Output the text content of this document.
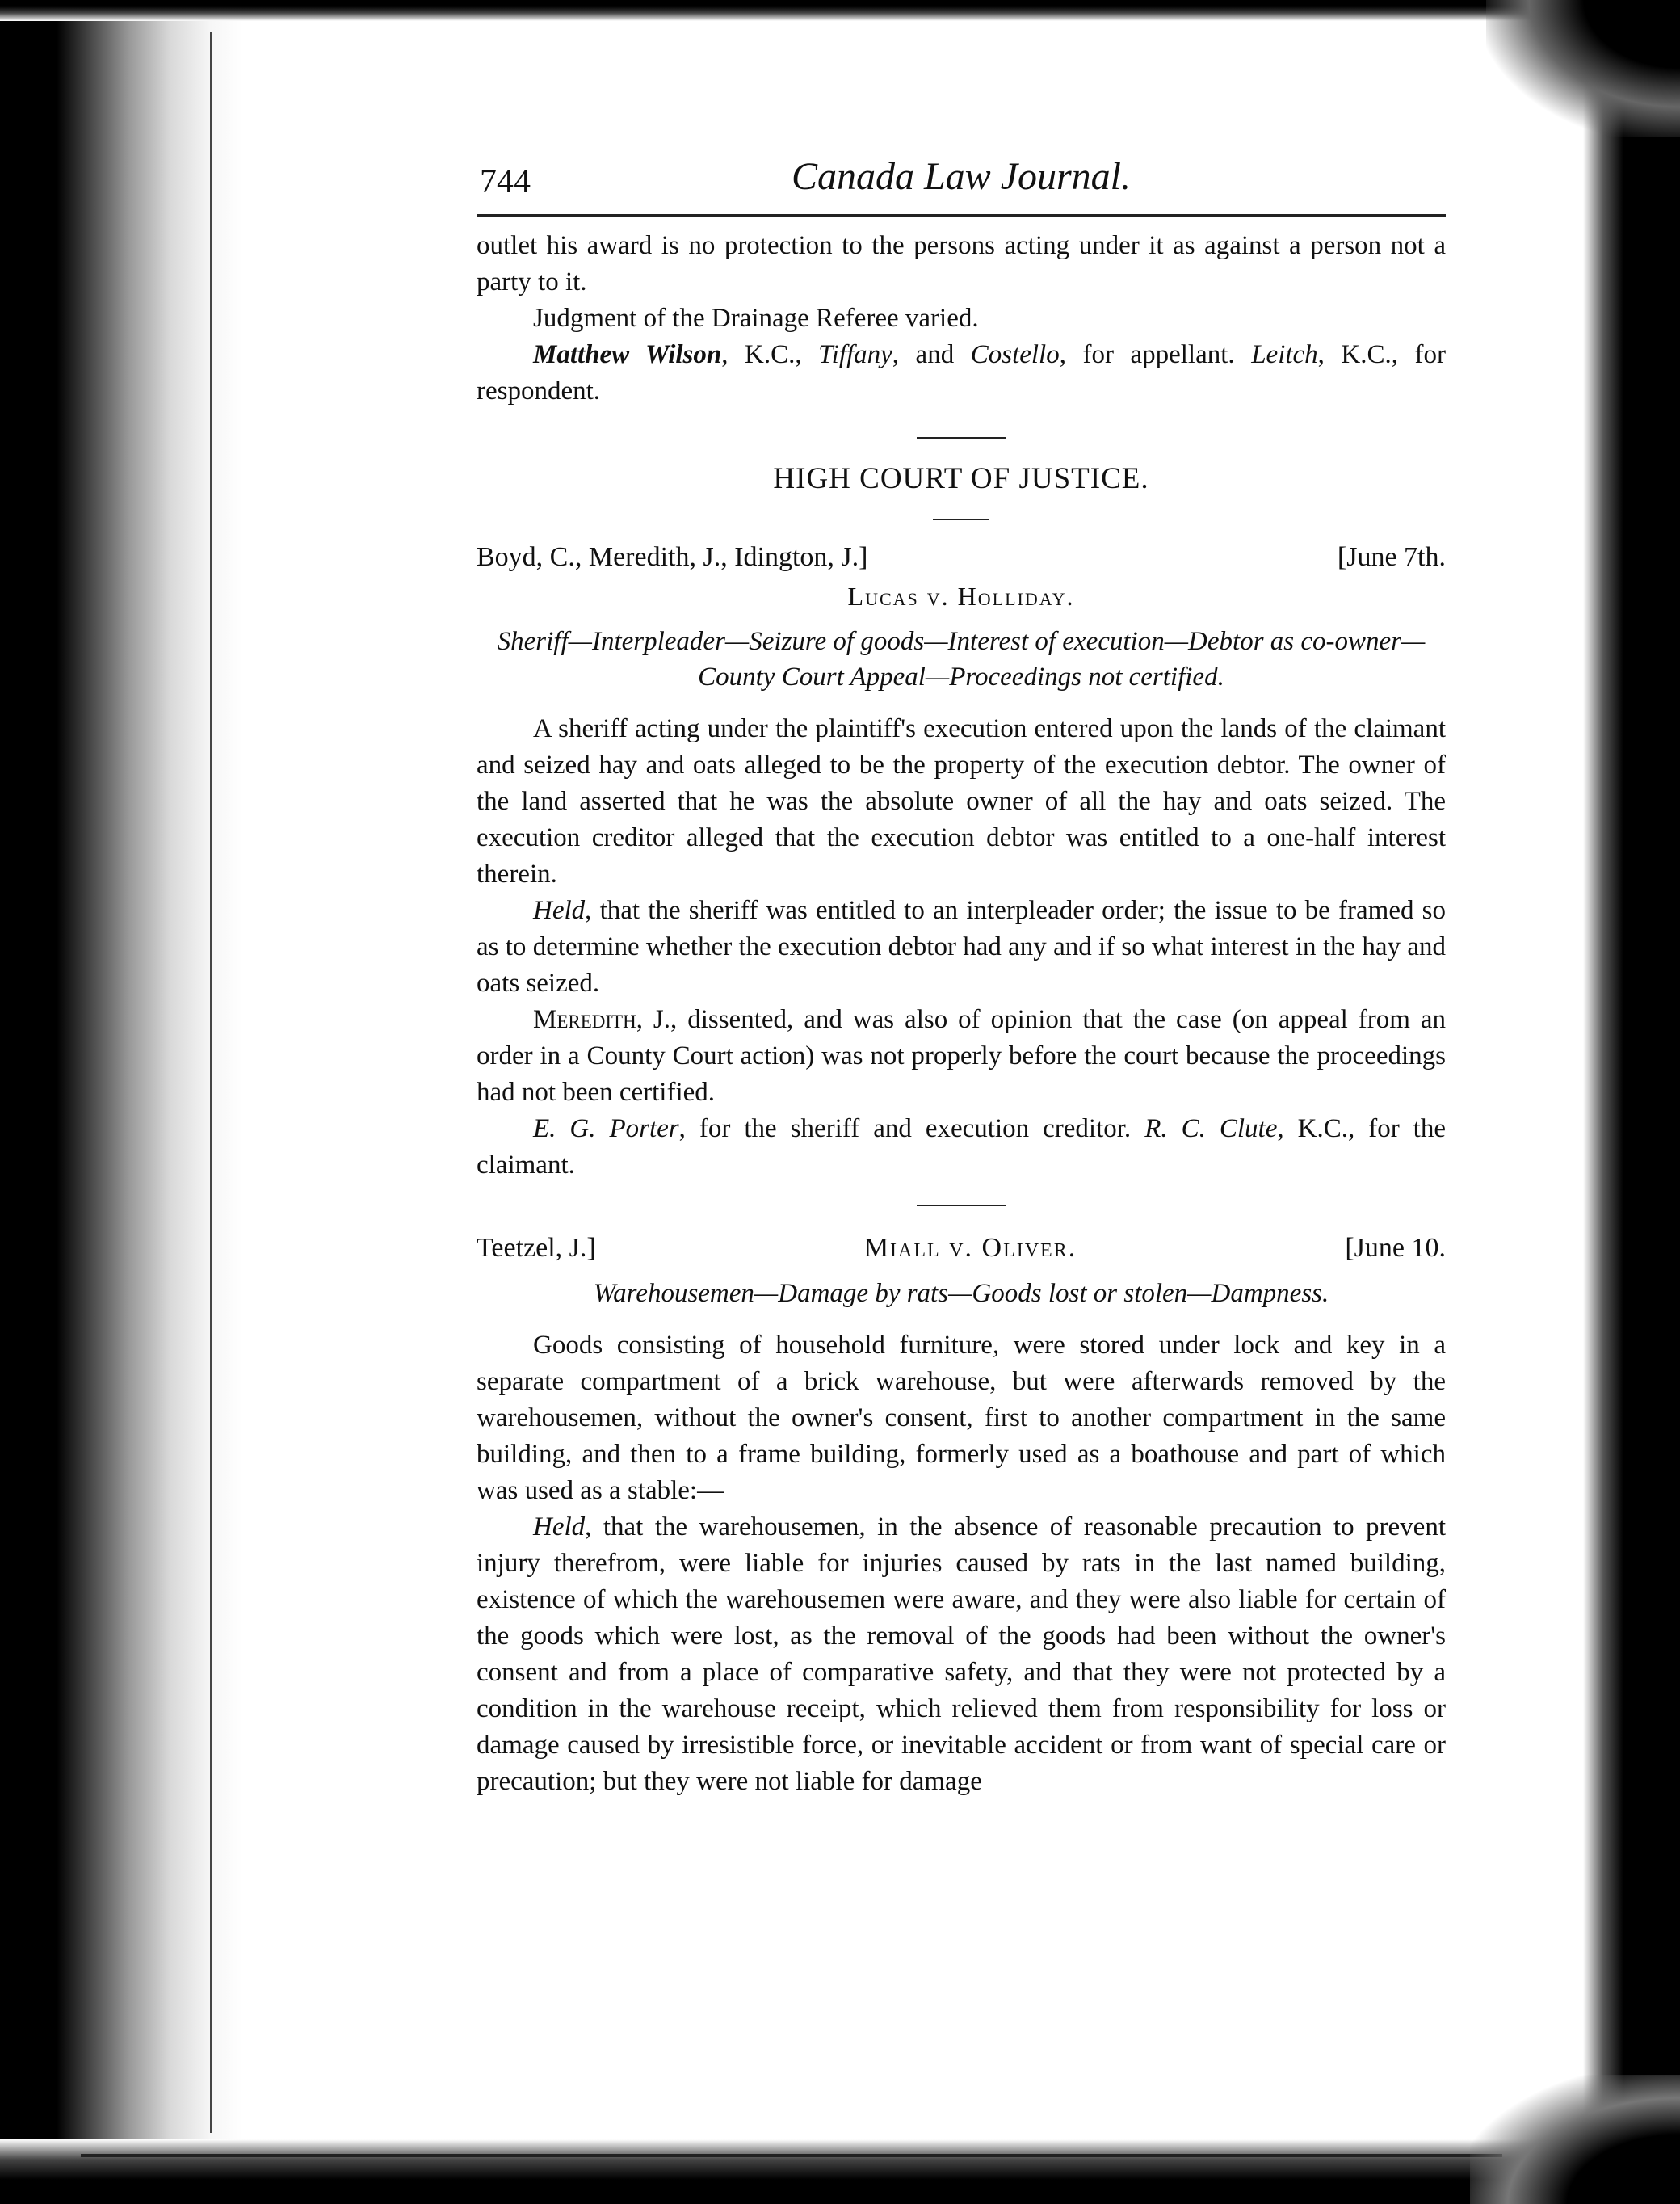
744	Canada Law Journal.

outlet his award is no protection to the persons acting under it as against a person not a party to it.

Judgment of the Drainage Referee varied.

Matthew Wilson, K.C., Tiffany, and Costello, for appellant. Leitch, K.C., for respondent.

HIGH COURT OF JUSTICE.
Boyd, C., Meredith, J., Idington, J.]	[June 7th.
Lucas v. Holliday.
Sheriff—Interpleader—Seizure of goods—Interest of execution—Debtor as co-owner—County Court Appeal—Proceedings not certified.

A sheriff acting under the plaintiff's execution entered upon the lands of the claimant and seized hay and oats alleged to be the property of the execution debtor. The owner of the land asserted that he was the absolute owner of all the hay and oats seized. The execution creditor alleged that the execution debtor was entitled to a one-half interest therein.

Held, that the sheriff was entitled to an interpleader order; the issue to be framed so as to determine whether the execution debtor had any and if so what interest in the hay and oats seized.

Meredith, J., dissented, and was also of opinion that the case (on appeal from an order in a County Court action) was not properly before the court because the proceedings had not been certified.

E. G. Porter, for the sheriff and execution creditor. R. C. Clute, K.C., for the claimant.

Teetzel, J.]	Miall v. Oliver.	[June 10.
Warehousemen—Damage by rats—Goods lost or stolen—Dampness.

Goods consisting of household furniture, were stored under lock and key in a separate compartment of a brick warehouse, but were afterwards removed by the warehousemen, without the owner's consent, first to another compartment in the same building, and then to a frame building, formerly used as a boathouse and part of which was used as a stable:—

Held, that the warehousemen, in the absence of reasonable precaution to prevent injury therefrom, were liable for injuries caused by rats in the last named building, existence of which the warehousemen were aware, and they were also liable for certain of the goods which were lost, as the removal of the goods had been without the owner's consent and from a place of comparative safety, and that they were not protected by a condition in the warehouse receipt, which relieved them from responsibility for loss or damage caused by irresistible force, or inevitable accident or from want of special care or precaution; but they were not liable for damage
